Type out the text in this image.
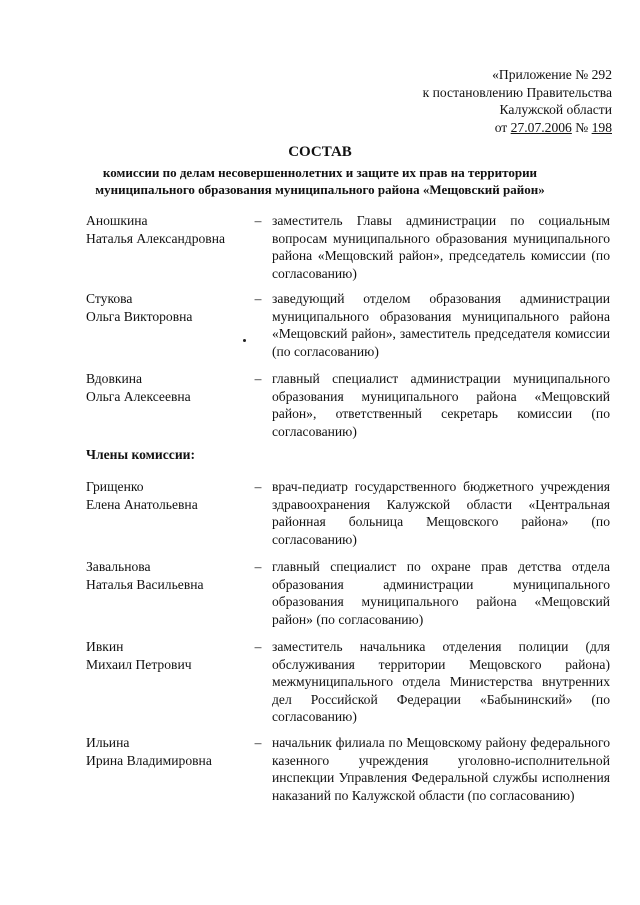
«Приложение № 292
к постановлению Правительства
Калужской области
от 27.07.2006 № 198
СОСТАВ
комиссии по делам несовершеннолетних и защите их прав на территории
муниципального образования муниципального района «Мещовский район»
Аношкина
Наталья Александровна
– заместитель Главы администрации по социальным вопросам муниципального образования муниципального района «Мещовский район», председатель комиссии (по согласованию)
Стукова
Ольга Викторовна
– заведующий отделом образования администрации муниципального образования муниципального района «Мещовский район», заместитель председателя комиссии (по согласованию)
Вдовкина
Ольга Алексеевна
– главный специалист администрации муниципального образования муниципального района «Мещовский район», ответственный секретарь комиссии (по согласованию)
Члены комиссии:
Грищенко
Елена Анатольевна
– врач-педиатр государственного бюджетного учреждения здравоохранения Калужской области «Центральная районная больница Мещовского района» (по согласованию)
Завальнова
Наталья Васильевна
– главный специалист по охране прав детства отдела образования администрации муниципального образования муниципального района «Мещовский район» (по согласованию)
Ивкин
Михаил Петрович
– заместитель начальника отделения полиции (для обслуживания территории Мещовского района) межмуниципального отдела Министерства внутренних дел Российской Федерации «Бабынинский» (по согласованию)
Ильина
Ирина Владимировна
– начальник филиала по Мещовскому району федерального казенного учреждения уголовно-исполнительной инспекции Управления Федеральной службы исполнения наказаний по Калужской области (по согласованию)
